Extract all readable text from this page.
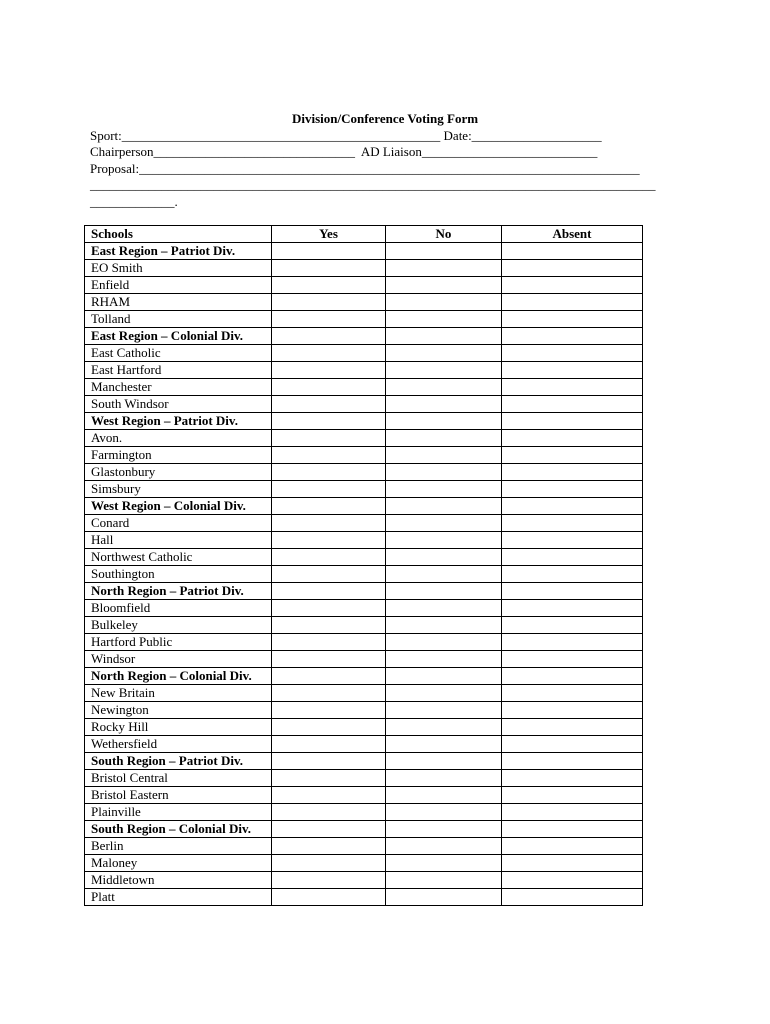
Division/Conference Voting Form
Sport:_________________________________________________ Date:____________________
Chairperson_______________________________  AD Liaison___________________________
Proposal:_____________________________________________________________________________
_______________________________________________________________________________________
_____________.
Schools	Yes	No	Absent
East Region – Patriot Div.			
EO Smith			
Enfield			
RHAM			
Tolland			
East Region – Colonial Div.			
East Catholic			
East Hartford			
Manchester			
South Windsor			
West Region – Patriot Div.			
Avon.			
Farmington			
Glastonbury			
Simsbury			
West Region – Colonial Div.			
Conard			
Hall			
Northwest Catholic			
Southington			
North Region – Patriot Div.			
Bloomfield			
Bulkeley			
Hartford Public			
Windsor			
North Region – Colonial Div.			
New Britain			
Newington			
Rocky Hill			
Wethersfield			
South Region – Patriot Div.			
Bristol Central			
Bristol Eastern			
Plainville			
South Region – Colonial Div.			
Berlin			
Maloney			
Middletown			
Platt			
